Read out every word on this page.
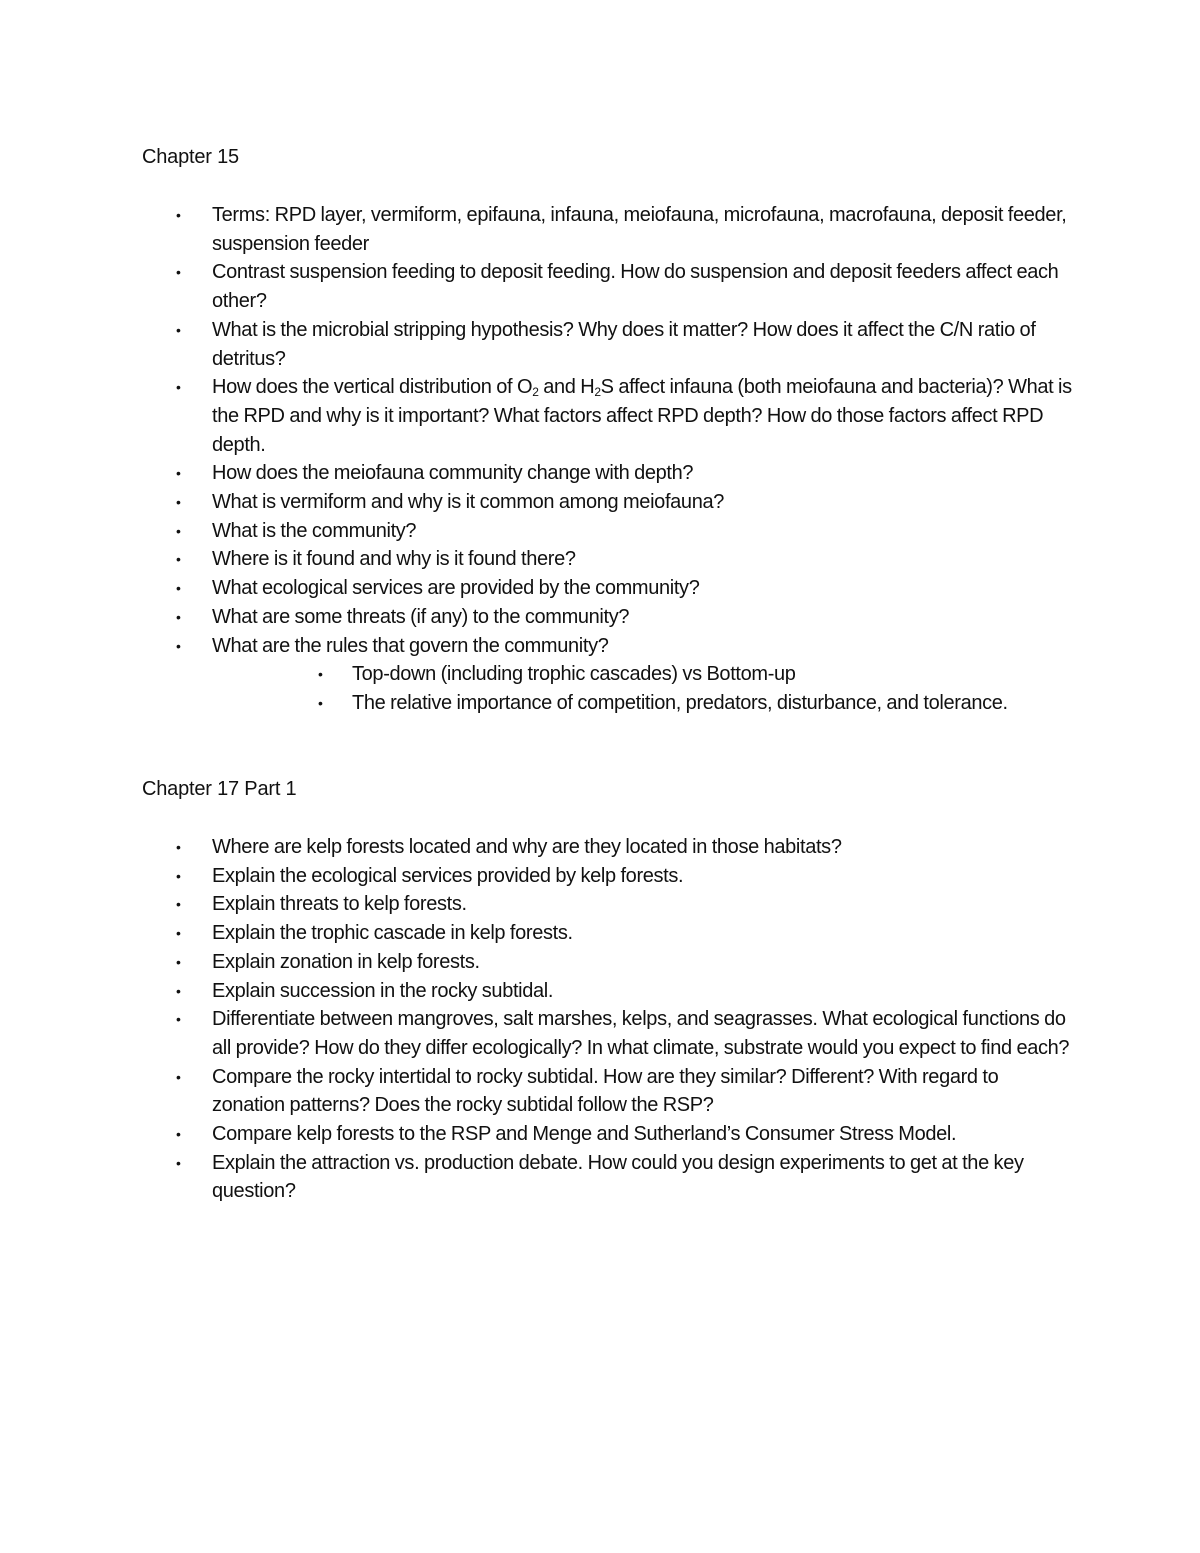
Chapter 15
• Terms: RPD layer, vermiform, epifauna, infauna, meiofauna, microfauna, macrofauna, deposit feeder, suspension feeder
• Contrast suspension feeding to deposit feeding. How do suspension and deposit feeders affect each other?
• What is the microbial stripping hypothesis? Why does it matter? How does it affect the C/N ratio of detritus?
• How does the vertical distribution of $O_2$ and $H_2S$ affect infauna (both meiofauna and bacteria)? What is the RPD and why is it important? What factors affect RPD depth? How do those factors affect RPD depth.
• How does the meiofauna community change with depth?
• What is vermiform and why is it common among meiofauna?
• What is the community?
• Where is it found and why is it found there?
• What ecological services are provided by the community?
• What are some threats (if any) to the community?
• What are the rules that govern the community?
• Top-down (including trophic cascades) vs Bottom-up
• The relative importance of competition, predators, disturbance, and tolerance.
Chapter 17 Part 1
• Where are kelp forests located and why are they located in those habitats?
• Explain the ecological services provided by kelp forests.
• Explain threats to kelp forests.
• Explain the trophic cascade in kelp forests.
• Explain zonation in kelp forests.
• Explain succession in the rocky subtidal.
• Differentiate between mangroves, salt marshes, kelps, and seagrasses. What ecological functions do all provide? How do they differ ecologically? In what climate, substrate would you expect to find each?
• Compare the rocky intertidal to rocky subtidal. How are they similar? Different? With regard to zonation patterns? Does the rocky subtidal follow the RSP?
• Compare kelp forests to the RSP and Menge and Sutherland’s Consumer Stress Model.
• Explain the attraction vs. production debate. How could you design experiments to get at the key question?
